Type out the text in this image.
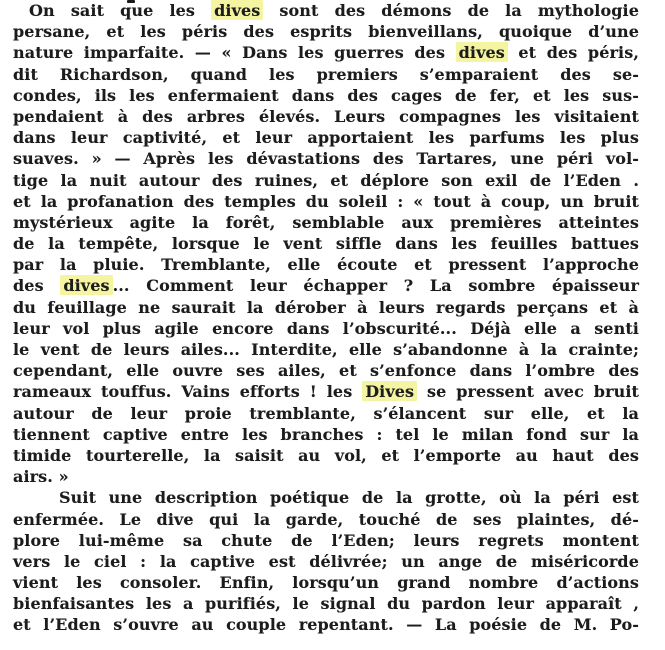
On sait que les dives sont des démons de la mythologie
persane, et les péris des esprits bienveillans, quoique d’une
nature imparfaite. — « Dans les guerres des dives et des péris,
dit Richardson, quand les premiers s’emparaient des se-
condes, ils les enfermaient dans des cages de fer, et les sus-
pendaient à des arbres élevés. Leurs compagnes les visitaient
dans leur captivité, et leur apportaient les parfums les plus
suaves. » — Après les dévastations des Tartares, une péri vol-
tige la nuit autour des ruines, et déplore son exil de l’Eden .
et la profanation des temples du soleil : « tout à coup, un bruit
mystérieux agite la forêt, semblable aux premières atteintes
de la tempête, lorsque le vent siffle dans les feuilles battues
par la pluie. Tremblante, elle écoute et pressent l’approche
des dives ... Comment leur échapper ? La sombre épaisseur
du feuillage ne saurait la dérober à leurs regards perçans et à
leur vol plus agile encore dans l’obscurité... Déjà elle a senti
le vent de leurs ailes... Interdite, elle s’abandonne à la crainte;
cependant, elle ouvre ses ailes, et s’enfonce dans l’ombre des
rameaux touffus. Vains efforts ! les Dives se pressent avec bruit
autour de leur proie tremblante, s’élancent sur elle, et la
tiennent captive entre les branches : tel le milan fond sur la
timide tourterelle, la saisit au vol, et l’emporte au haut des
airs. »
Suit une description poétique de la grotte, où la péri est
enfermée. Le dive qui la garde, touché de ses plaintes, dé-
plore lui-même sa chute de l’Eden; leurs regrets montent
vers le ciel : la captive est délivrée; un ange de miséricorde
vient les consoler. Enfin, lorsqu’un grand nombre d’actions
bienfaisantes les a purifiés, le signal du pardon leur apparaît ,
et l’Eden s’ouvre au couple repentant. — La poésie de M. Po-
